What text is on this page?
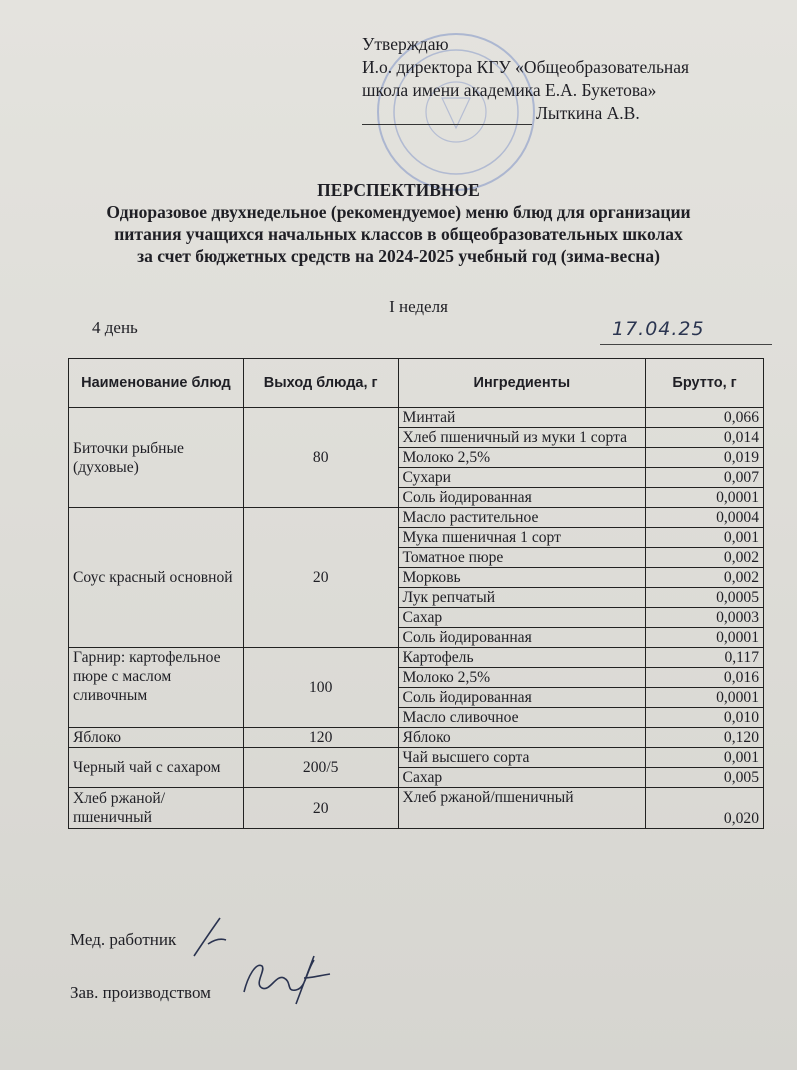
Утверждаю
И.о. директора КГУ «Общеобразовательная
школа имени академика Е.А. Букетова»
Лыткина А.В.
ПЕРСПЕКТИВНОЕ
Одноразовое двухнедельное (рекомендуемое) меню блюд для организации
питания учащихся начальных классов в общеобразовательных школах
за счет бюджетных средств на 2024-2025 учебный год (зима-весна)
I неделя
4 день	17.04.25
Наименование блюд	Выход блюда, г	Ингредиенты	Брутто, г
Биточки рыбные (духовые)	80	Минтай	0,066
		Хлеб пшеничный из муки 1 сорта	0,014
		Молоко 2,5%	0,019
		Сухари	0,007
		Соль йодированная	0,0001
Соус красный основной	20	Масло растительное	0,0004
		Мука пшеничная 1 сорт	0,001
		Томатное пюре	0,002
		Морковь	0,002
		Лук репчатый	0,0005
		Сахар	0,0003
		Соль йодированная	0,0001
Гарнир: картофельное пюре с маслом сливочным	100	Картофель	0,117
		Молоко 2,5%	0,016
		Соль йодированная	0,0001
		Масло сливочное	0,010
Яблоко	120	Яблоко	0,120
Черный чай с сахаром	200/5	Чай высшего сорта	0,001
		Сахар	0,005
Хлеб ржаной/ пшеничный	20	Хлеб ржаной/пшеничный	0,020
Мед. работник
Зав. производством
